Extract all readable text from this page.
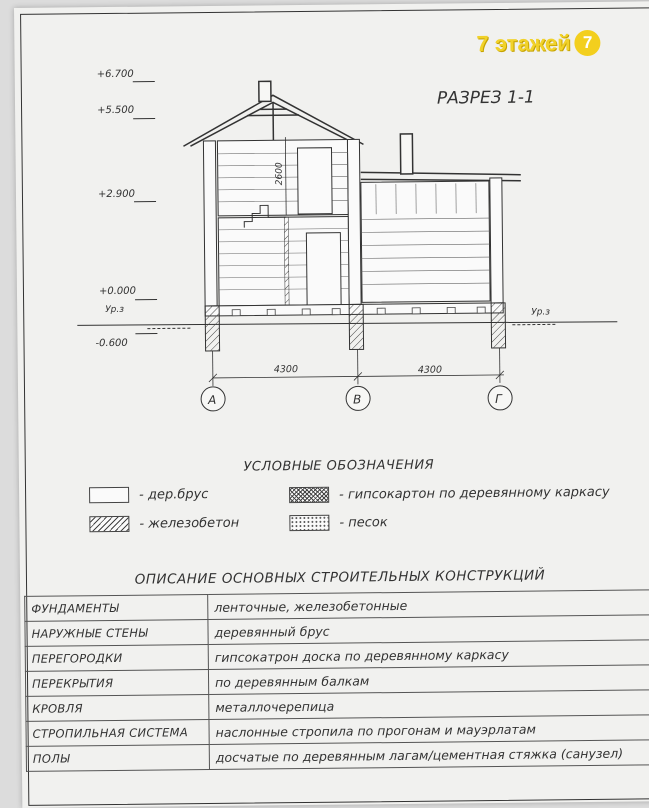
7 этажей 7
РАЗРЕЗ 1-1
+6.700
+5.500
+2.900
+0.000
-0.600
Ур.з	Ур.з
4300	4300
2600
А	В	Г
УСЛОВНЫЕ ОБОЗНАЧЕНИЯ
- дер.брус	- гипсокартон по деревянному каркасу
- железобетон	- песок
ОПИСАНИЕ ОСНОВНЫХ СТРОИТЕЛЬНЫХ КОНСТРУКЦИЙ
ФУНДАМЕНТЫ	ленточные, железобетонные
НАРУЖНЫЕ СТЕНЫ	деревянный брус
ПЕРЕГОРОДКИ	гипсокатрон доска по деревянному каркасу
ПЕРЕКРЫТИЯ	по деревянным балкам
КРОВЛЯ	металлочерепица
СТРОПИЛЬНАЯ СИСТЕМА	наслонные стропила по прогонам и мауэрлатам
ПОЛЫ	досчатые по деревянным лагам/цементная стяжка (санузел)
